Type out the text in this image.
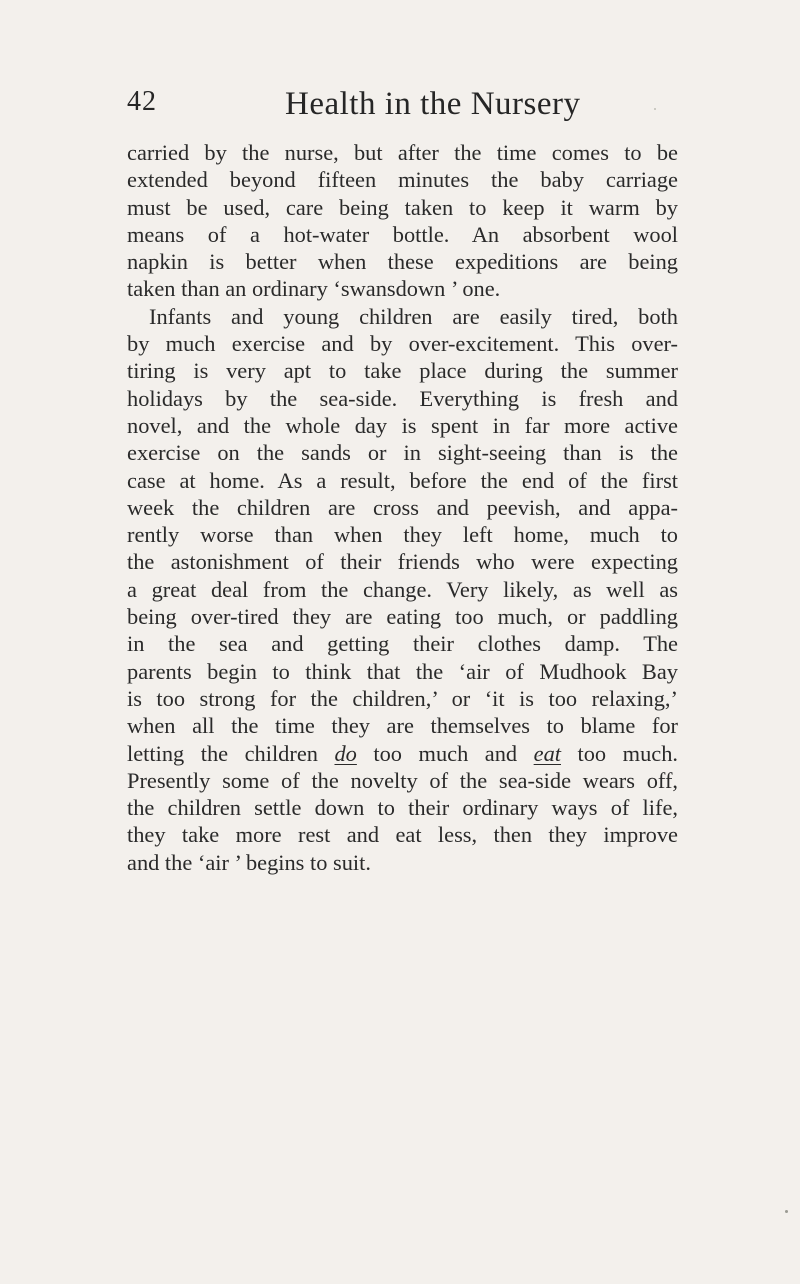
42	Health in the Nursery
carried by the nurse, but after the time comes to be
extended beyond fifteen minutes the baby carriage
must be used, care being taken to keep it warm by
means of a hot-water bottle. An absorbent wool
napkin is better when these expeditions are being
taken than an ordinary ‘swansdown ’ one.
Infants and young children are easily tired, both
by much exercise and by over-excitement. This over-
tiring is very apt to take place during the summer
holidays by the sea-side. Everything is fresh and
novel, and the whole day is spent in far more active
exercise on the sands or in sight-seeing than is the
case at home. As a result, before the end of the first
week the children are cross and peevish, and appa-
rently worse than when they left home, much to
the astonishment of their friends who were expecting
a great deal from the change. Very likely, as well as
being over-tired they are eating too much, or paddling
in the sea and getting their clothes damp. The
parents begin to think that the ‘air of Mudhook Bay
is too strong for the children,’ or ‘it is too relaxing,’
when all the time they are themselves to blame for
letting the children do too much and eat too much.
Presently some of the novelty of the sea-side wears off,
the children settle down to their ordinary ways of life,
they take more rest and eat less, then they improve
and the ‘air ’ begins to suit.
